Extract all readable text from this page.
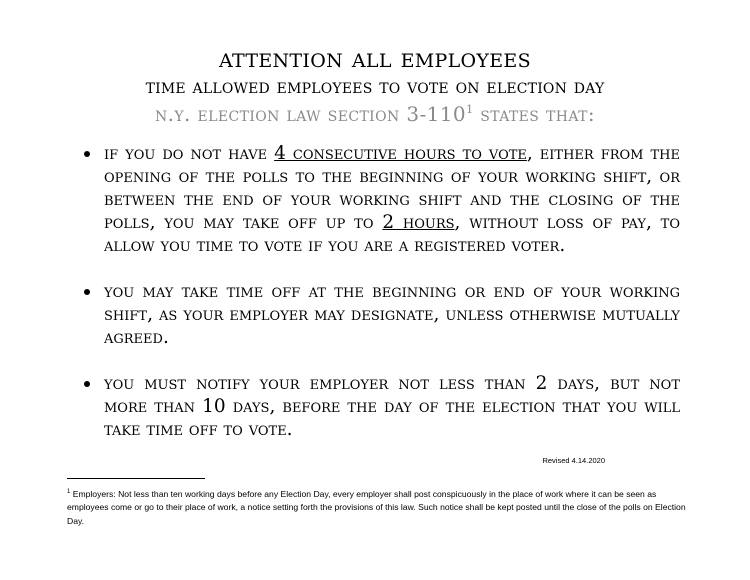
attention all employees
time allowed employees to vote on election day
n.y. election law section $3-110^1$ states that:
if you do not have 4 consecutive hours to vote, either from the opening of the polls to the beginning of your working shift, or between the end of your working shift and the closing of the polls, you may take off up to 2 hours, without loss of pay, to allow you time to vote if you are a registered voter.
you may take time off at the beginning or end of your working shift, as your employer may designate, unless otherwise mutually agreed.
you must notify your employer not less than 2 days, but not more than 10 days, before the day of the election that you will take time off to vote.
Revised 4.14.2020
$^1$ Employers: Not less than ten working days before any Election Day, every employer shall post conspicuously in the place of work where it can be seen as employees come or go to their place of work, a notice setting forth the provisions of this law. Such notice shall be kept posted until the close of the polls on Election Day.
